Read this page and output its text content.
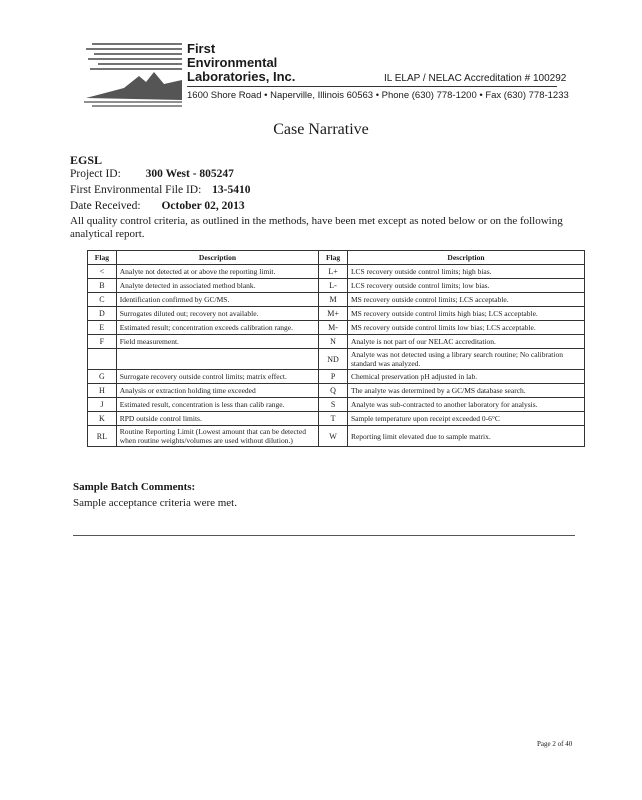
First
Environmental
Laboratories, Inc.	IL ELAP / NELAC Accreditation # 100292
1600 Shore Road • Naperville, Illinois 60563 • Phone (630) 778-1200 • Fax (630) 778-1233
Case Narrative
EGSL
Project ID: 300 West - 805247
First Environmental File ID: 13-5410
Date Received: October 02, 2013
All quality control criteria, as outlined in the methods, have been met except as noted below or on the following analytical report.
Flag	Description	Flag	Description
<	Analyte not detected at or above the reporting limit.	L+	LCS recovery outside control limits; high bias.
B	Analyte detected in associated method blank.	L-	LCS recovery outside control limits; low bias.
C	Identification confirmed by GC/MS.	M	MS recovery outside control limits; LCS acceptable.
D	Surrogates diluted out; recovery not available.	M+	MS recovery outside control limits high bias; LCS acceptable.
E	Estimated result; concentration exceeds calibration range.	M-	MS recovery outside control limits low bias; LCS acceptable.
F	Field measurement.	N	Analyte is not part of our NELAC accreditation.
		ND	Analyte was not detected using a library search routine; No calibration standard was analyzed.
G	Surrogate recovery outside control limits; matrix effect.	P	Chemical preservation pH adjusted in lab.
H	Analysis or extraction holding time exceeded	Q	The analyte was determined by a GC/MS database search.
J	Estimated result, concentration is less than calib range.	S	Analyte was sub-contracted to another laboratory for analysis.
K	RPD outside control limits.	T	Sample temperature upon receipt exceeded 0-6°C
RL	Routine Reporting Limit (Lowest amount that can be detected when routine weights/volumes are used without dilution.)	W	Reporting limit elevated due to sample matrix.
Sample Batch Comments:
Sample acceptance criteria were met.
Page 2 of 40
